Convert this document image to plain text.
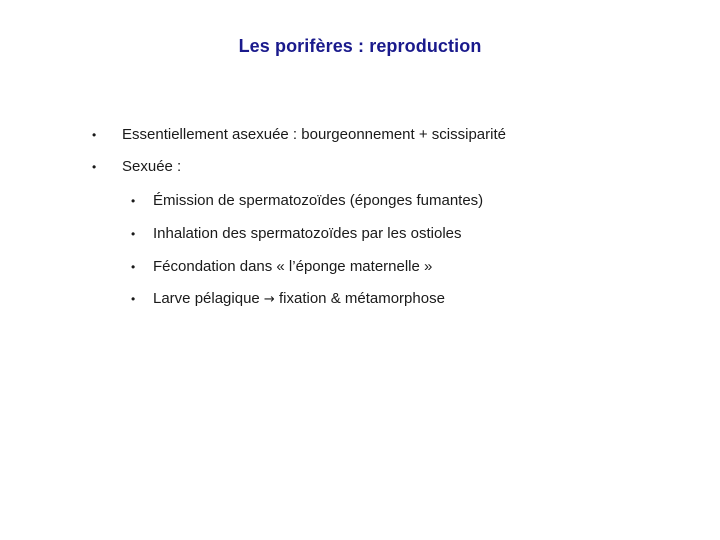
Les porifères : reproduction
•	Essentiellement asexuée : bourgeonnement + scissiparité
•	Sexuée :
•	Émission de spermatozoïdes (éponges fumantes)
•	Inhalation des spermatozoïdes par les ostioles
•	Fécondation dans « l’éponge maternelle »
•	Larve pélagique → fixation & métamorphose
